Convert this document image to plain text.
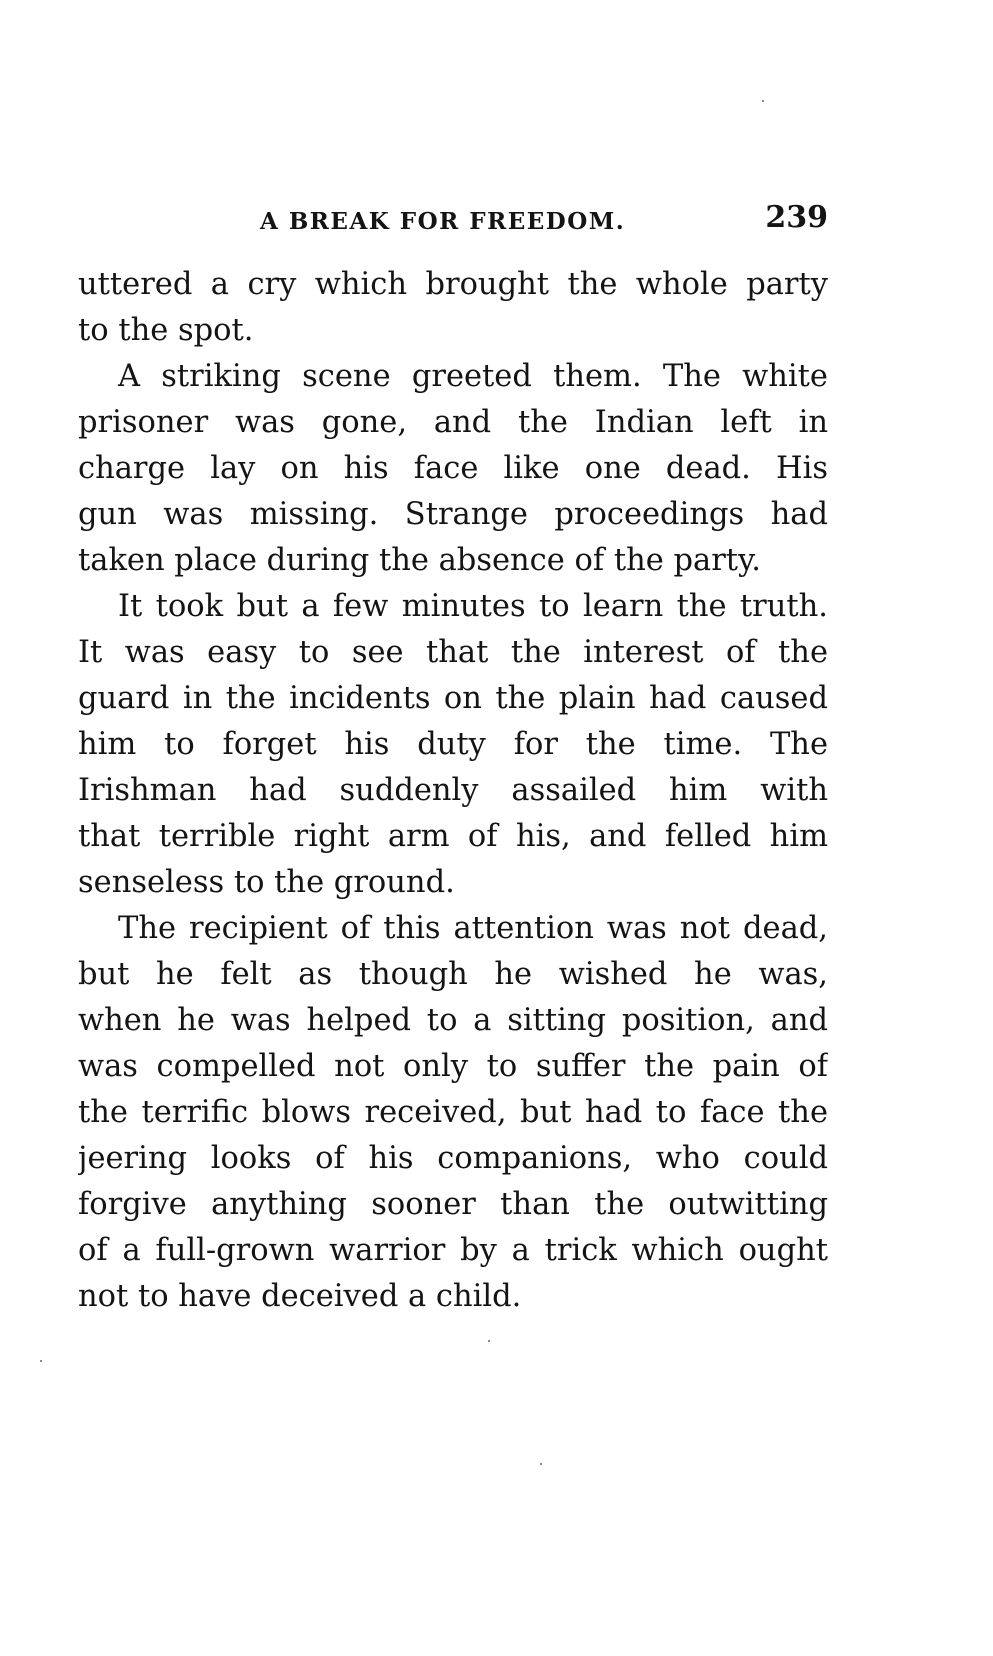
A BREAK FOR FREEDOM.	239
uttered a cry which brought the whole party
to the spot.
A striking scene greeted them. The white
prisoner was gone, and the Indian left in
charge lay on his face like one dead. His
gun was missing. Strange proceedings had
taken place during the absence of the party.
It took but a few minutes to learn the truth.
It was easy to see that the interest of the
guard in the incidents on the plain had caused
him to forget his duty for the time. The
Irishman had suddenly assailed him with
that terrible right arm of his, and felled him
senseless to the ground.
The recipient of this attention was not dead,
but he felt as though he wished he was,
when he was helped to a sitting position, and
was compelled not only to suffer the pain of
the terrific blows received, but had to face the
jeering looks of his companions, who could
forgive anything sooner than the outwitting
of a full-grown warrior by a trick which ought
not to have deceived a child.
